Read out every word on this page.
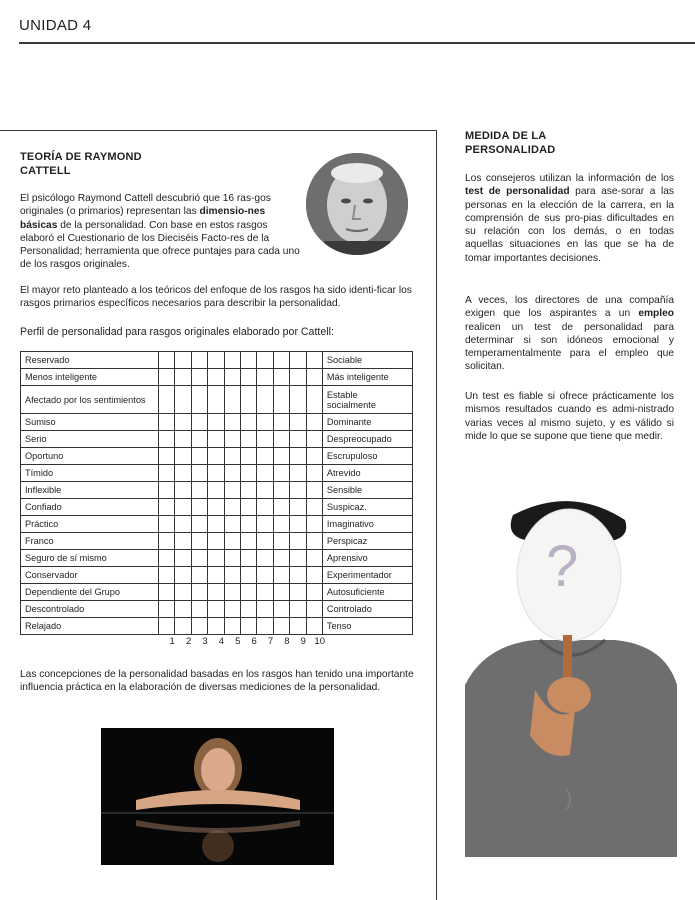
UNIDAD 4
TEORÍA DE RAYMOND
CATTELL

El psicólogo Raymond Cattell descubrió que 16 ras-gos originales (o primarios) representan las dimensio-nes básicas de la personalidad. Con base en estos rasgos elaboró el Cuestionario de los Dieciséis Facto-res de la Personalidad; herramienta que ofrece puntajes para cada uno de los rasgos originales.

El mayor reto planteado a los teóricos del enfoque de los rasgos ha sido identi-ficar los rasgos primarios específicos necesarios para describir la personalidad.

Perfil de personalidad para rasgos originales elaborado por Cattell:

Reservado											Sociable
Menos inteligente											Más inteligente
Afectado por los sentimientos											Estable socialmente
Sumiso											Dominante
Serio											Despreocupado
Oportuno											Escrupuloso
Tímido											Atrevido
Inflexible											Sensible
Confiado											Suspicaz.
Práctico											Imaginativo
Franco											Perspicaz
Seguro de sí mismo											Aprensivo
Conservador											Experimentador
Dependiente del Grupo											Autosuficiente
Descontrolado											Controlado
Relajado											Tenso
1	2	3	4	5	6	7	8	9 10

Las concepciones de la personalidad basadas en los rasgos han tenido una importante influencia práctica en la elaboración de diversas mediciones de la personalidad.

MEDIDA DE LA
PERSONALIDAD

Los consejeros utilizan la información de los test de personalidad para ase-sorar a las personas en la elección de la carrera, en la comprensión de sus pro-pias dificultades en su relación con los demás, o en todas aquellas situaciones en las que se ha de tomar importantes decisiones.

A veces, los directores de una compañía exigen que los aspirantes a un empleo realicen un test de personalidad para determinar si son idóneos emocional y temperamentalmente para el empleo que solicitan.

Un test es fiable si ofrece prácticamente los mismos resultados cuando es admi-nistrado varias veces al mismo sujeto, y es válido si mide lo que se supone que tiene que medir.

)
?
